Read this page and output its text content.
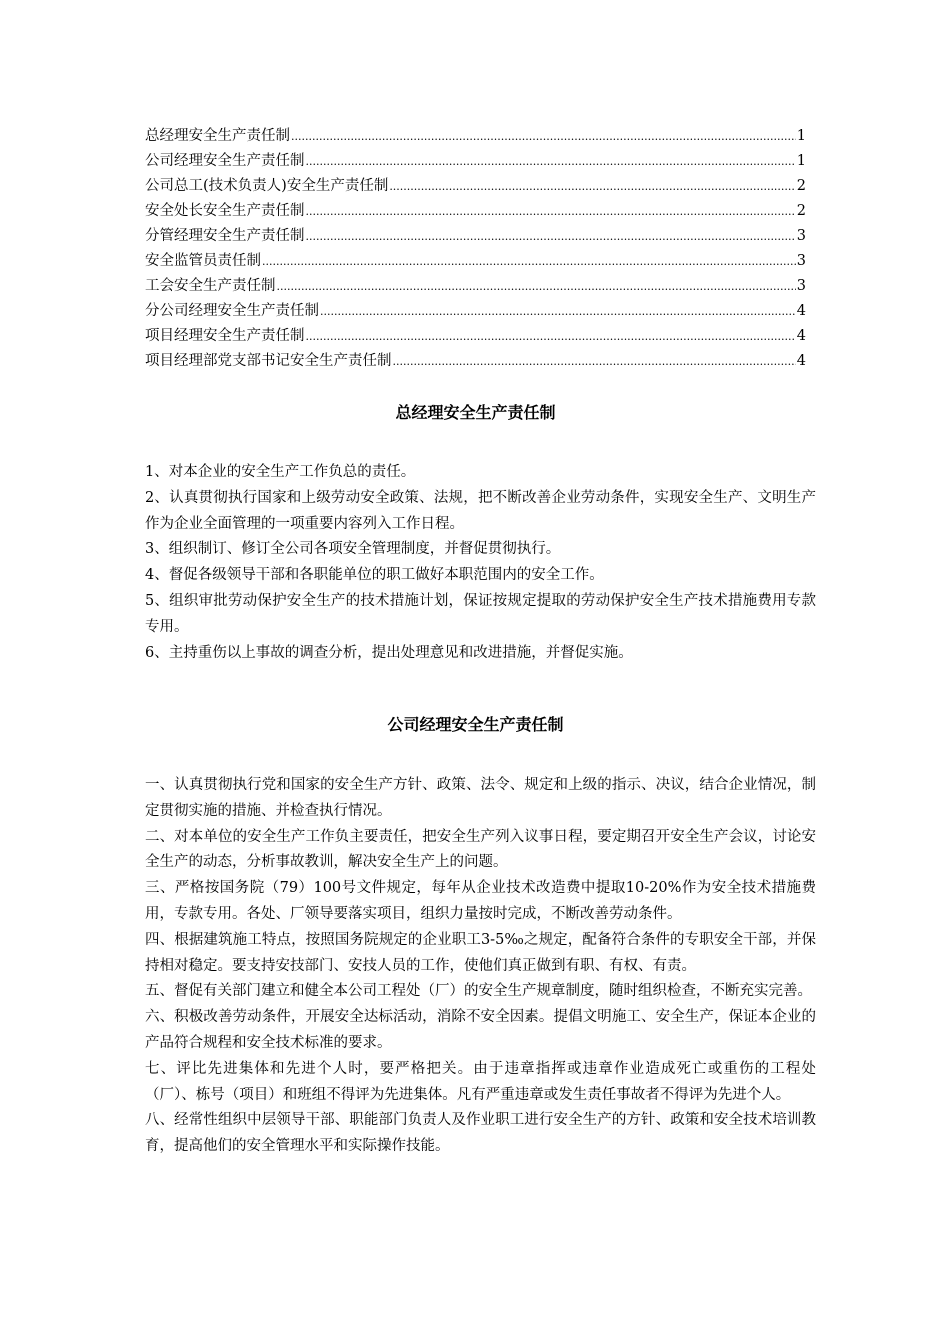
总经理安全生产责任制 .....	1
公司经理安全生产责任制 .....	1
公司总工(技术负责人)安全生产责任制 .....	2
安全处长安全生产责任制 .....	2
分管经理安全生产责任制 .....	3
安全监管员责任制 .....	3
工会安全生产责任制 .....	3
分公司经理安全生产责任制 .....	4
项目经理安全生产责任制 .....	4
项目经理部党支部书记安全生产责任制 .....	4
总经理安全生产责任制

1、对本企业的安全生产工作负总的责任。

2、认真贯彻执行国家和上级劳动安全政策、法规，把不断改善企业劳动条件，实现安全生产、文明生产作为企业全面管理的一项重要内容列入工作日程。

3、组织制订、修订全公司各项安全管理制度，并督促贯彻执行。

4、督促各级领导干部和各职能单位的职工做好本职范围内的安全工作。

5、组织审批劳动保护安全生产的技术措施计划，保证按规定提取的劳动保护安全生产技术措施费用专款专用。

6、主持重伤以上事故的调查分析，提出处理意见和改进措施，并督促实施。

公司经理安全生产责任制

一、认真贯彻执行党和国家的安全生产方针、政策、法令、规定和上级的指示、决议，结合企业情况，制定贯彻实施的措施、并检查执行情况。

二、对本单位的安全生产工作负主要责任，把安全生产列入议事日程，要定期召开安全生产会议，讨论安全生产的动态，分析事故教训，解决安全生产上的问题。

三、严格按国务院（79）100号文件规定，每年从企业技术改造费中提取10-20%作为安全技术措施费用，专款专用。各处、厂领导要落实项目，组织力量按时完成，不断改善劳动条件。

四、根据建筑施工特点，按照国务院规定的企业职工3-5‰之规定，配备符合条件的专职安全干部，并保持相对稳定。要支持安技部门、安技人员的工作，使他们真正做到有职、有权、有责。

五、督促有关部门建立和健全本公司工程处（厂）的安全生产规章制度，随时组织检查，不断充实完善。

六、积极改善劳动条件，开展安全达标活动，消除不安全因素。提倡文明施工、安全生产，保证本企业的产品符合规程和安全技术标准的要求。

七、评比先进集体和先进个人时，要严格把关。由于违章指挥或违章作业造成死亡或重伤的工程处（厂）、栋号（项目）和班组不得评为先进集体。凡有严重违章或发生责任事故者不得评为先进个人。

八、经常性组织中层领导干部、职能部门负责人及作业职工进行安全生产的方针、政策和安全技术培训教育，提高他们的安全管理水平和实际操作技能。
